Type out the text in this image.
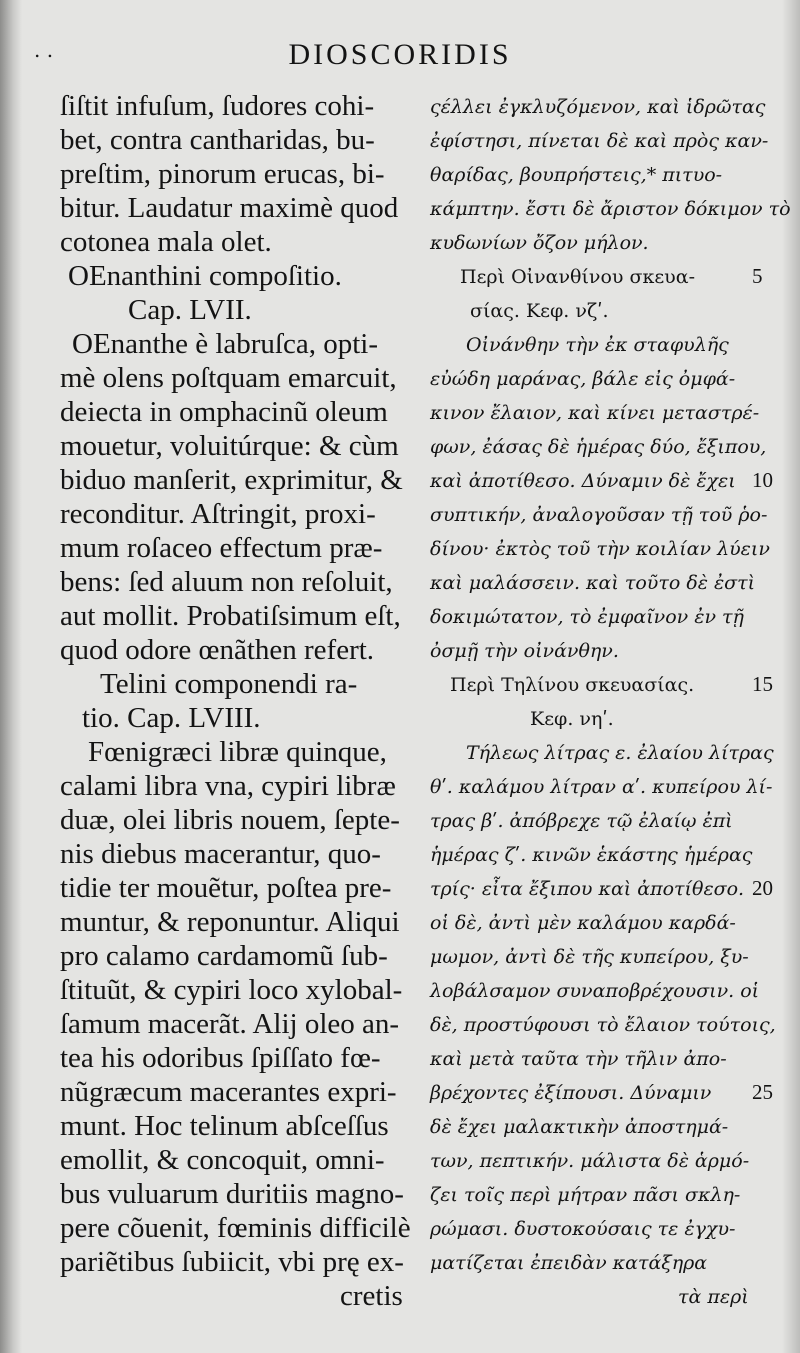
. .	DIOSCORIDIS
ſiſtit infuſum, ſudores cohi-
bet, contra cantharidas, bu-
preſtim, pinorum erucas, bi-
bitur. Laudatur maximè quod
cotonea mala olet.
OEnanthini compoſitio.
Cap. LVII.
OEnanthe è labruſca, opti-
mè olens poſtquam emarcuit,
deiecta in omphacinũ oleum
mouetur, voluitúrque: & cùm
biduo manſerit, exprimitur, &
reconditur. Aſtringit, proxi-
mum roſaceo effectum præ-
bens: ſed aluum non reſoluit,
aut mollit. Probatiſsimum eſt,
quod odore œnãthen refert.
Telini componendi ra-
tio. Cap. LVIII.
Fœnigræci libræ quinque,
calami libra vna, cypiri libræ
duæ, olei libris nouem, ſepte-
nis diebus macerantur, quo-
tidie ter mouẽtur, poſtea pre-
muntur, & reponuntur. Aliqui
pro calamo cardamomũ ſub-
ſtituũt, & cypiri loco xylobal-
ſamum macerãt. Alij oleo an-
tea his odoribus ſpiſſato fœ-
nũgræcum macerantes expri-
munt. Hoc telinum abſceſſus
emollit, & concoquit, omni-
bus vuluarum duritiis magno-
pere cõuenit, fœminis difficilè
pariẽtibus ſubiicit, vbi prę ex-
cretis
ςέλλει ἐγκλυζόμενον, καὶ ἱδρῶτας
ἐφίστησι, πίνεται δὲ καὶ πρὸς καν-
θαρίδας, βουπρήστεις,* πιτυο-
κάμπτην. ἔστι δὲ ἄριστον δόκιμον τὸ
κυδωνίων ὄζον μήλον.
Περὶ Οἰνανθίνου σκευα-
σίας. Κεφ. νζʹ.
Οἰνάνθην τὴν ἐκ σταφυλῆς
εὐώδη μαράνας, βάλε εἰς ὀμφά-
κινον ἔλαιον, καὶ κίνει μεταστρέ-
φων, ἐάσας δὲ ἡμέρας δύο, ἔξιπου,
καὶ ἀποτίθεσο. Δύναμιν δὲ ἔχει
συπτικήν, ἀναλογοῦσαν τῇ τοῦ ῥο-
δίνου· ἐκτὸς τοῦ τὴν κοιλίαν λύειν
καὶ μαλάσσειν. καὶ τοῦτο δὲ ἐστὶ
δοκιμώτατον, τὸ ἐμφαῖνον ἐν τῇ
ὀσμῇ τὴν οἰνάνθην.
Περὶ Τηλίνου σκευασίας.
Κεφ. νηʹ.
Τήλεως λίτρας ε. ἐλαίου λίτρας
θʹ. καλάμου λίτραν αʹ. κυπείρου λί-
τρας βʹ. ἀπόβρεχε τῷ ἐλαίῳ ἐπὶ
ἡμέρας ζʹ. κινῶν ἑκάστης ἡμέρας
τρίς· εἶτα ἔξιπου καὶ ἀποτίθεσο.
οἱ δὲ, ἀντὶ μὲν καλάμου καρδά-
μωμον, ἀντὶ δὲ τῆς κυπείρου, ξυ-
λοβάλσαμον συναποβρέχουσιν. οἱ
δὲ, προστύφουσι τὸ ἔλαιον τούτοις,
καὶ μετὰ ταῦτα τὴν τῆλιν ἀπο-
βρέχοντες ἐξίπουσι. Δύναμιν
δὲ ἔχει μαλακτικὴν ἀποστημά-
των, πεπτικήν. μάλιστα δὲ ἁρμό-
ζει τοῖς περὶ μήτραν πᾶσι σκλη-
ρώμασι. δυστοκούσαις τε ἐγχυ-
ματίζεται ἐπειδὰν κατάξηρα
τὰ περὶ
5
10
15
20
25
